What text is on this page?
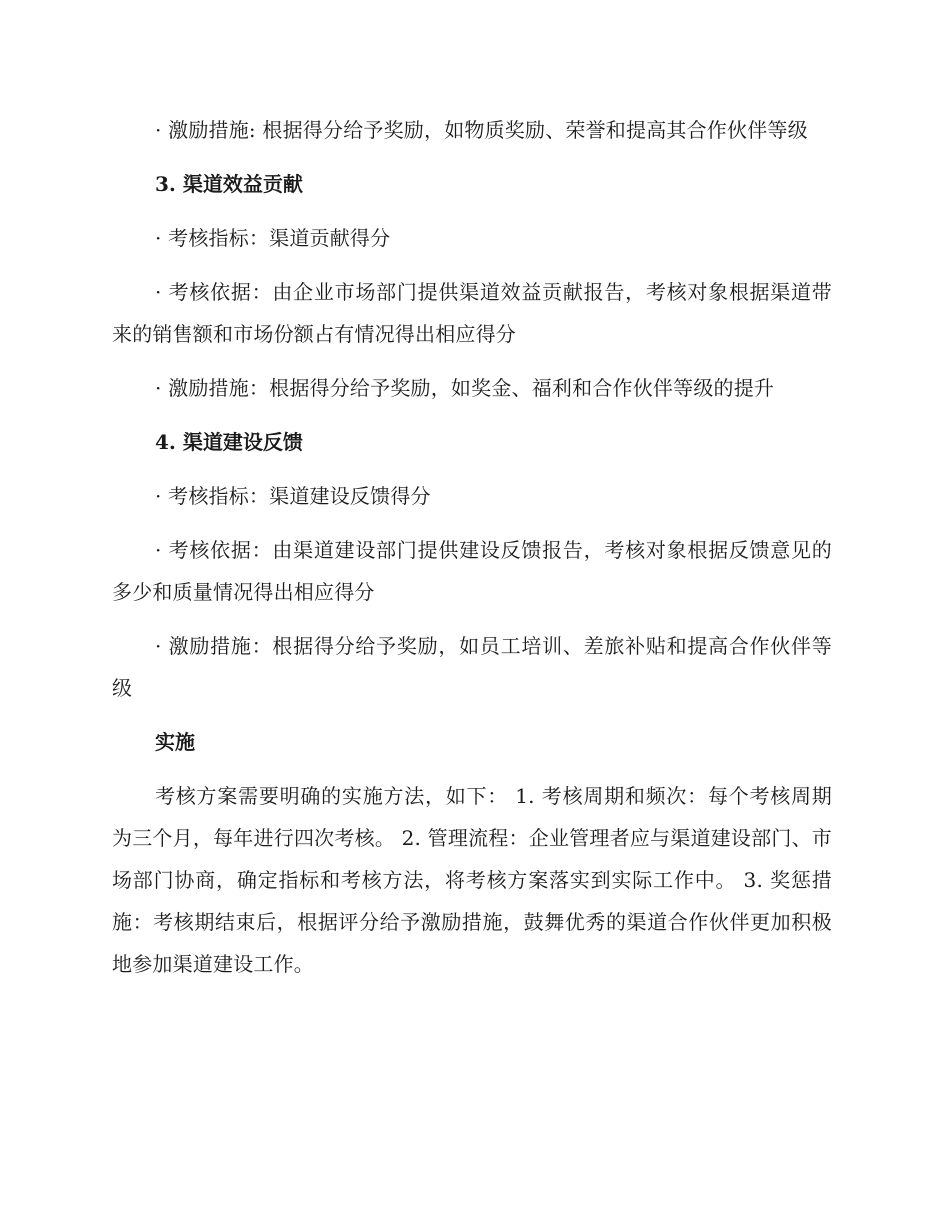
· 激励措施: 根据得分给予奖励，如物质奖励、荣誉和提高其合作伙伴等级

3. 渠道效益贡献

· 考核指标：渠道贡献得分

· 考核依据：由企业市场部门提供渠道效益贡献报告，考核对象根据渠道带来的销售额和市场份额占有情况得出相应得分

· 激励措施：根据得分给予奖励，如奖金、福利和合作伙伴等级的提升

4. 渠道建设反馈

· 考核指标：渠道建设反馈得分

· 考核依据：由渠道建设部门提供建设反馈报告，考核对象根据反馈意见的多少和质量情况得出相应得分

· 激励措施：根据得分给予奖励，如员工培训、差旅补贴和提高合作伙伴等级

实施

考核方案需要明确的实施方法，如下： 1. 考核周期和频次：每个考核周期为三个月，每年进行四次考核。 2. 管理流程：企业管理者应与渠道建设部门、市场部门协商，确定指标和考核方法，将考核方案落实到实际工作中。 3. 奖惩措施：考核期结束后，根据评分给予激励措施，鼓舞优秀的渠道合作伙伴更加积极地参加渠道建设工作。
